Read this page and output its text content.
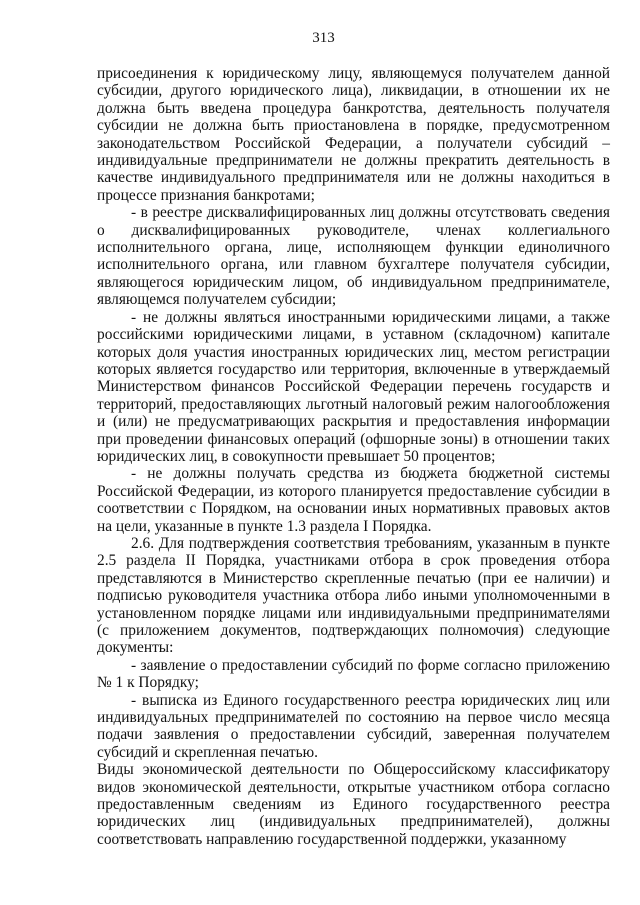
313

присоединения к юридическому лицу, являющемуся получателем данной субсидии, другого юридического лица), ликвидации, в отношении их не должна быть введена процедура банкротства, деятельность получателя субсидии не должна быть приостановлена в порядке, предусмотренном законодательством Российской Федерации, а получатели субсидий – индивидуальные предприниматели не должны прекратить деятельность в качестве индивидуального предпринимателя или не должны находиться в процессе признания банкротами;

- в реестре дисквалифицированных лиц должны отсутствовать сведения о дисквалифицированных руководителе, членах коллегиального исполнительного органа, лице, исполняющем функции единоличного исполнительного органа, или главном бухгалтере получателя субсидии, являющегося юридическим лицом, об индивидуальном предпринимателе, являющемся получателем субсидии;

- не должны являться иностранными юридическими лицами, а также российскими юридическими лицами, в уставном (складочном) капитале которых доля участия иностранных юридических лиц, местом регистрации которых является государство или территория, включенные в утверждаемый Министерством финансов Российской Федерации перечень государств и территорий, предоставляющих льготный налоговый режим налогообложения и (или) не предусматривающих раскрытия и предоставления информации при проведении финансовых операций (офшорные зоны) в отношении таких юридических лиц, в совокупности превышает 50 процентов;

- не должны получать средства из бюджета бюджетной системы Российской Федерации, из которого планируется предоставление субсидии в соответствии с Порядком, на основании иных нормативных правовых актов на цели, указанные в пункте 1.3 раздела I Порядка.

2.6. Для подтверждения соответствия требованиям, указанным в пункте 2.5 раздела II Порядка, участниками отбора в срок проведения отбора представляются в Министерство скрепленные печатью (при ее наличии) и подписью руководителя участника отбора либо иными уполномоченными в установленном порядке лицами или индивидуальными предпринимателями (с приложением документов, подтверждающих полномочия) следующие документы:

- заявление о предоставлении субсидий по форме согласно приложению № 1 к Порядку;

- выписка из Единого государственного реестра юридических лиц или индивидуальных предпринимателей по состоянию на первое число месяца подачи заявления о предоставлении субсидий, заверенная получателем субсидий и скрепленная печатью.

Виды экономической деятельности по Общероссийскому классификатору видов экономической деятельности, открытые участником отбора согласно предоставленным сведениям из Единого государственного реестра юридических лиц (индивидуальных предпринимателей), должны соответствовать направлению государственной поддержки, указанному
